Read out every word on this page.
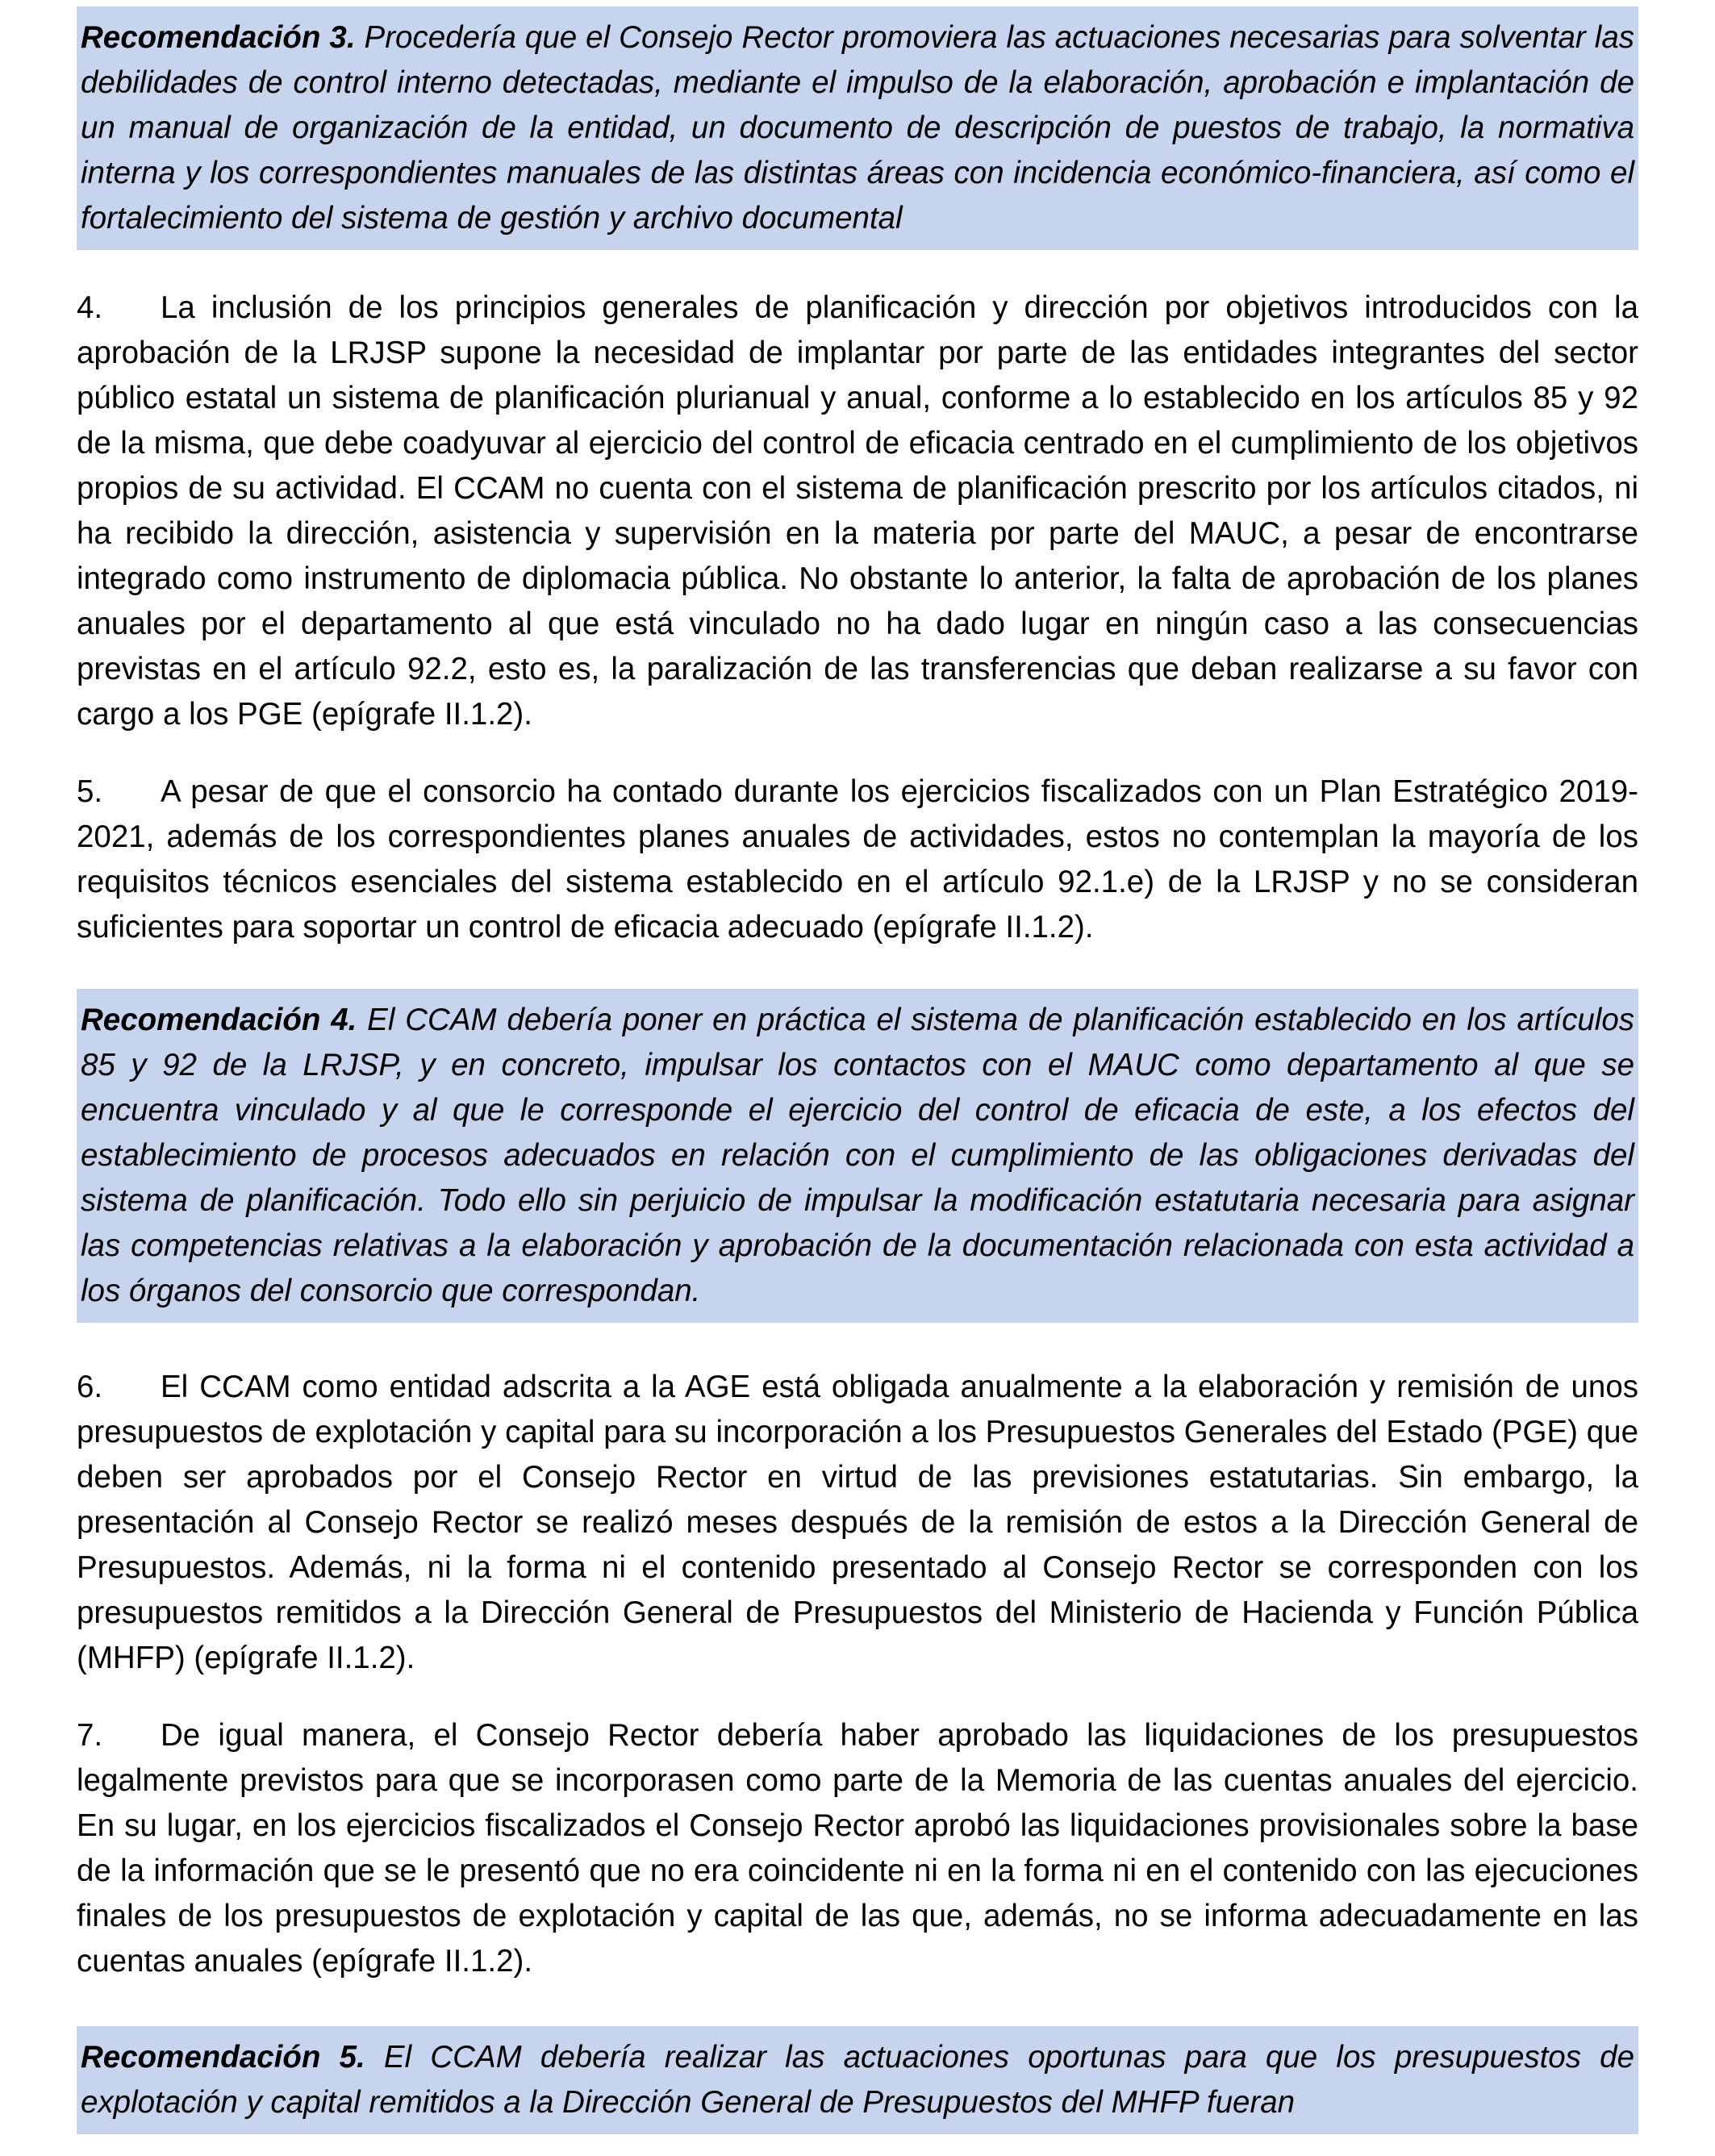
Recomendación 3. Procedería que el Consejo Rector promoviera las actuaciones necesarias para solventar las debilidades de control interno detectadas, mediante el impulso de la elaboración, aprobación e implantación de un manual de organización de la entidad, un documento de descripción de puestos de trabajo, la normativa interna y los correspondientes manuales de las distintas áreas con incidencia económico-financiera, así como el fortalecimiento del sistema de gestión y archivo documental

4. La inclusión de los principios generales de planificación y dirección por objetivos introducidos con la aprobación de la LRJSP supone la necesidad de implantar por parte de las entidades integrantes del sector público estatal un sistema de planificación plurianual y anual, conforme a lo establecido en los artículos 85 y 92 de la misma, que debe coadyuvar al ejercicio del control de eficacia centrado en el cumplimiento de los objetivos propios de su actividad. El CCAM no cuenta con el sistema de planificación prescrito por los artículos citados, ni ha recibido la dirección, asistencia y supervisión en la materia por parte del MAUC, a pesar de encontrarse integrado como instrumento de diplomacia pública. No obstante lo anterior, la falta de aprobación de los planes anuales por el departamento al que está vinculado no ha dado lugar en ningún caso a las consecuencias previstas en el artículo 92.2, esto es, la paralización de las transferencias que deban realizarse a su favor con cargo a los PGE (epígrafe II.1.2).

5. A pesar de que el consorcio ha contado durante los ejercicios fiscalizados con un Plan Estratégico 2019-2021, además de los correspondientes planes anuales de actividades, estos no contemplan la mayoría de los requisitos técnicos esenciales del sistema establecido en el artículo 92.1.e) de la LRJSP y no se consideran suficientes para soportar un control de eficacia adecuado (epígrafe II.1.2).

Recomendación 4. El CCAM debería poner en práctica el sistema de planificación establecido en los artículos 85 y 92 de la LRJSP, y en concreto, impulsar los contactos con el MAUC como departamento al que se encuentra vinculado y al que le corresponde el ejercicio del control de eficacia de este, a los efectos del establecimiento de procesos adecuados en relación con el cumplimiento de las obligaciones derivadas del sistema de planificación. Todo ello sin perjuicio de impulsar la modificación estatutaria necesaria para asignar las competencias relativas a la elaboración y aprobación de la documentación relacionada con esta actividad a los órganos del consorcio que correspondan.

6. El CCAM como entidad adscrita a la AGE está obligada anualmente a la elaboración y remisión de unos presupuestos de explotación y capital para su incorporación a los Presupuestos Generales del Estado (PGE) que deben ser aprobados por el Consejo Rector en virtud de las previsiones estatutarias. Sin embargo, la presentación al Consejo Rector se realizó meses después de la remisión de estos a la Dirección General de Presupuestos. Además, ni la forma ni el contenido presentado al Consejo Rector se corresponden con los presupuestos remitidos a la Dirección General de Presupuestos del Ministerio de Hacienda y Función Pública (MHFP) (epígrafe II.1.2).

7. De igual manera, el Consejo Rector debería haber aprobado las liquidaciones de los presupuestos legalmente previstos para que se incorporasen como parte de la Memoria de las cuentas anuales del ejercicio. En su lugar, en los ejercicios fiscalizados el Consejo Rector aprobó las liquidaciones provisionales sobre la base de la información que se le presentó que no era coincidente ni en la forma ni en el contenido con las ejecuciones finales de los presupuestos de explotación y capital de las que, además, no se informa adecuadamente en las cuentas anuales (epígrafe II.1.2).

Recomendación 5. El CCAM debería realizar las actuaciones oportunas para que los presupuestos de explotación y capital remitidos a la Dirección General de Presupuestos del MHFP fueran
